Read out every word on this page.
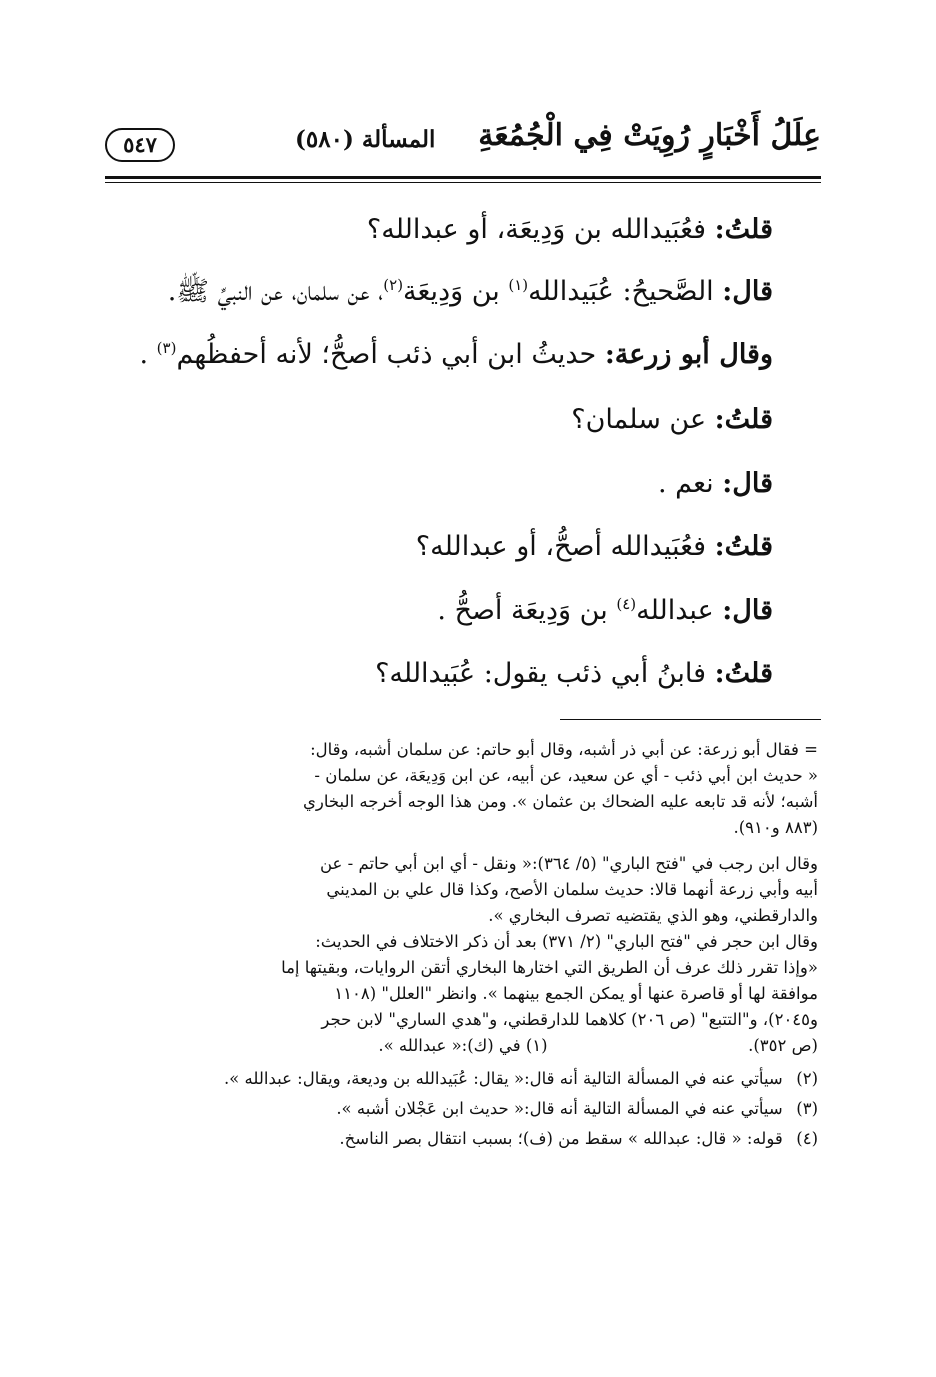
عِلَلُ أَخْبَارٍ رُوِيَتْ فِي الْجُمُعَةِ
المسألة (٥٨٠)
٥٤٧
قلتُ: فعُبَيدالله بن وَدِيعَة، أو عبدالله؟
قال: الصَّحيحُ: عُبَيدالله$^{(١)}$ بن وَدِيعَة$^{(٢)}$، عن سلمان، عن النبيِّ ﷺ.
وقال أبو زرعة: حديثُ ابن أبي ذئب أصحُّ؛ لأنه أحفظُهم$^{(٣)}$ .
قلتُ: عن سلمان؟
قال: نعم .
قلتُ: فعُبَيدالله أصحُّ، أو عبدالله؟
قال: عبدالله$^{(٤)}$ بن وَدِيعَة أصحُّ .
قلتُ: فابنُ أبي ذئب يقول: عُبَيدالله؟
= فقال أبو زرعة: عن أبي ذر أشبه، وقال أبو حاتم: عن سلمان أشبه، وقال:
« حديث ابن أبي ذئب - أي عن سعيد، عن أبيه، عن ابن وَدِيعَة، عن سلمان -
أشبه؛ لأنه قد تابعه عليه الضحاك بن عثمان ». ومن هذا الوجه أخرجه البخاري
(٨٨٣ و٩١٠).
وقال ابن رجب في "فتح الباري" (٥/ ٣٦٤):« ونقل - أي ابن أبي حاتم - عن
أبيه وأبي زرعة أنهما قالا: حديث سلمان الأصح، وكذا قال علي بن المديني
والدارقطني، وهو الذي يقتضيه تصرف البخاري ».
وقال ابن حجر في "فتح الباري" (٢/ ٣٧١) بعد أن ذكر الاختلاف في الحديث:
«وإذا تقرر ذلك عرف أن الطريق التي اختارها البخاري أتقن الروايات، وبقيتها إما
موافقة لها أو قاصرة عنها أو يمكن الجمع بينهما ». وانظر "العلل" (١١٠٨
و٢٠٤٥)، و"التتبع" (ص ٢٠٦) كلاهما للدارقطني، و"هدي الساري" لابن حجر
(ص ٣٥٢).  (١) في (ك):« عبدالله ».
(٢) سيأتي عنه في المسألة التالية أنه قال:« يقال: عُبَيدالله بن وديعة، ويقال: عبدالله ».
(٣) سيأتي عنه في المسألة التالية أنه قال:« حديث ابن عَجْلان أشبه ».
(٤) قوله: « قال: عبدالله » سقط من (ف)؛ بسبب انتقال بصر الناسخ.
